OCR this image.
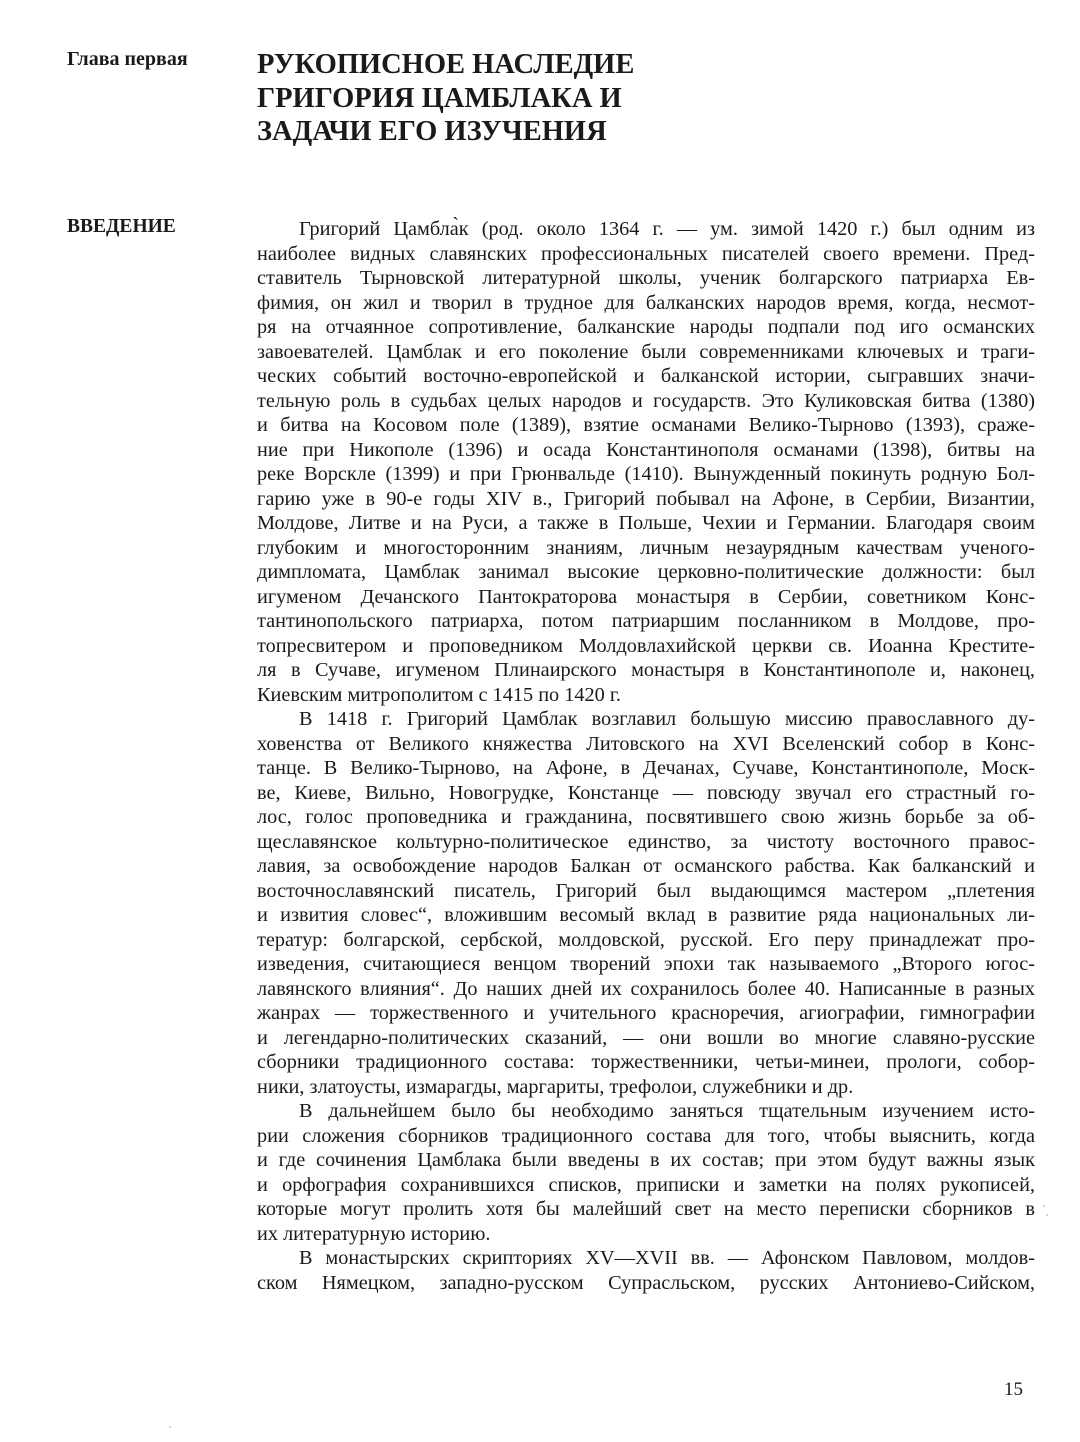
Глава первая РУКОПИСНОЕ НАСЛЕДИЕ
ГРИГОРИЯ ЦАМБЛАКА И
ЗАДАЧИ ЕГО ИЗУЧЕНИЯ
ВВЕДЕНИЕ	Григорий Цамбла̀к (род. около 1364 г. — ум. зимой 1420 г.) был одним из
наиболее видных славянских профессиональных писателей своего времени. Пред-
ставитель Тырновской литературной школы, ученик болгарского патриарха Ев-
фимия, он жил и творил в трудное для балканских народов время, когда, несмот-
ря на отчаянное сопротивление, балканские народы подпали под иго османских
завоевателей. Цамблак и его поколение были современниками ключевых и траги-
ческих событий восточно-европейской и балканской истории, сыгравших значи-
тельную роль в судьбах целых народов и государств. Это Куликовская битва (1380)
и битва на Косовом поле (1389), взятие османами Велико-Тырново (1393), сраже-
ние при Никополе (1396) и осада Константинополя османами (1398), битвы на
реке Ворскле (1399) и при Грюнвальде (1410). Вынужденный покинуть родную Бол-
гарию уже в 90-е годы XIV в., Григорий побывал на Афоне, в Сербии, Византии,
Молдове, Литве и на Руси, а также в Польше, Чехии и Германии. Благодаря своим
глубоким и многосторонним знаниям, личным незаурядным качествам ученого-
димпломата, Цамблак занимал высокие церковно-политические должности: был
игуменом Дечанского Пантократорова монастыря в Сербии, советником Конс-
тантинопольского патриарха, потом патриаршим посланником в Молдове, про-
топресвитером и проповедником Молдовлахийской церкви св. Иоанна Крестите-
ля в Сучаве, игуменом Плинаирского монастыря в Константинополе и, наконец,
Киевским митрополитом с 1415 по 1420 г.

В 1418 г. Григорий Цамблак возглавил большую миссию православного ду-
ховенства от Великого княжества Литовского на XVI Вселенский собор в Конс-
танце. В Велико-Тырново, на Афоне, в Дечанах, Сучаве, Константинополе, Моск-
ве, Киеве, Вильно, Новогрудке, Констанце — повсюду звучал его страстный го-
лос, голос проповедника и гражданина, посвятившего свою жизнь борьбе за об-
щеславянское кольтурно-политическое единство, за чистоту восточного правос-
лавия, за освобождение народов Балкан от османского рабства. Как балканский и
восточнославянский писатель, Григорий был выдающимся мастером „плетения
и извития словес“, вложившим весомый вклад в развитие ряда национальных ли-
тератур: болгарской, сербской, молдовской, русской. Его перу принадлежат про-
изведения, считающиеся венцом творений эпохи так называемого „Второго югос-
лавянского влияния“. До наших дней их сохранилось более 40. Написанные в разных
жанрах — торжественного и учительного красноречия, агиографии, гимнографии
и легендарно-политических сказаний, — они вошли во многие славяно-русские
сборники традиционного состава: торжественники, четьи-минеи, прологи, собор-
ники, златоусты, измарагды, маргариты, трефолои, служебники и др.

В дальнейшем было бы необходимо заняться тщательным изучением исто-
рии сложения сборников традиционного состава для того, чтобы выяснить, когда
и где сочинения Цамблака были введены в их состав; при этом будут важны язык
и орфография сохранившихся списков, приписки и заметки на полях рукописей,
которые могут пролить хотя бы малейший свет на место переписки сборников в
их литературную историю.

В монастырских скрипториях XV—XVII вв. — Афонском Павловом, молдов-
ском Нямецком, западно-русском Супрасльском, русских Антониево-Сийском,

15
